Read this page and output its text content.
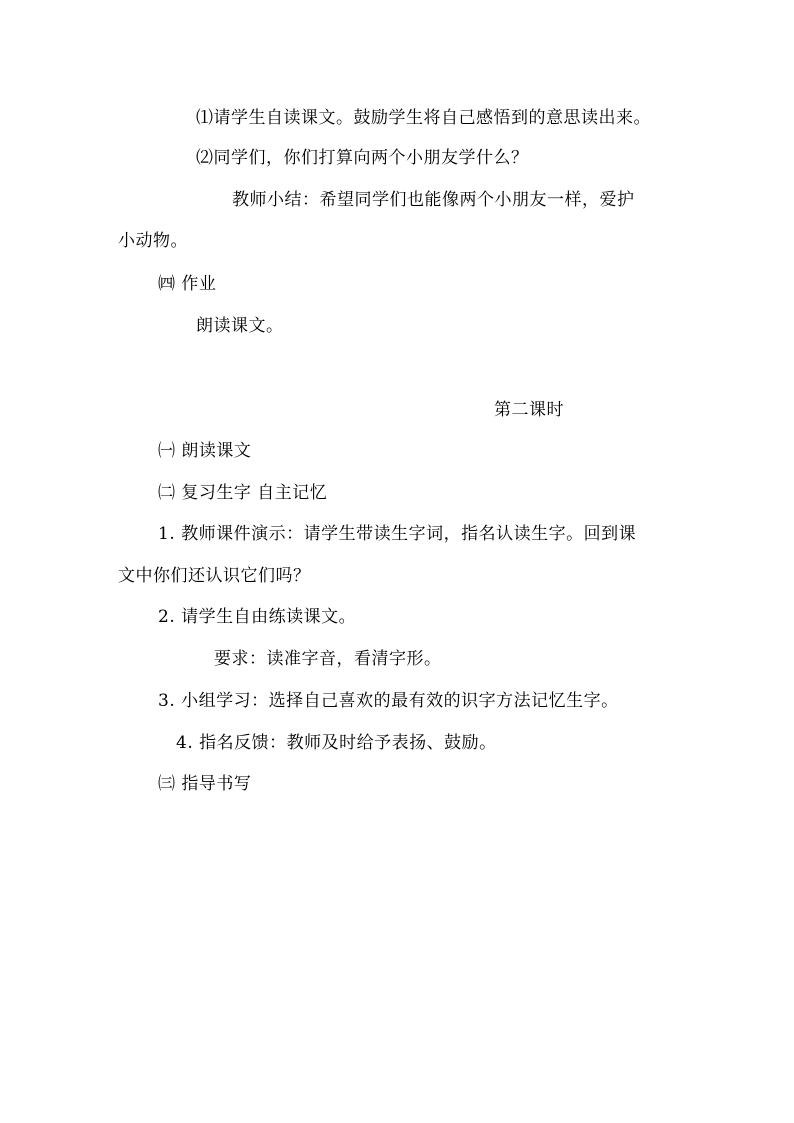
⑴请学生自读课文。鼓励学生将自己感悟到的意思读出来。
⑵同学们，你们打算向两个小朋友学什么？
教师小结：希望同学们也能像两个小朋友一样，爱护
小动物。
㈣ 作业
朗读课文。
第二课时
㈠ 朗读课文
㈡ 复习生字 自主记忆
1. 教师课件演示：请学生带读生字词，指名认读生字。回到课
文中你们还认识它们吗？
2. 请学生自由练读课文。
要求：读准字音，看清字形。
3. 小组学习：选择自己喜欢的最有效的识字方法记忆生字。
4. 指名反馈：教师及时给予表扬、鼓励。
㈢ 指导书写
